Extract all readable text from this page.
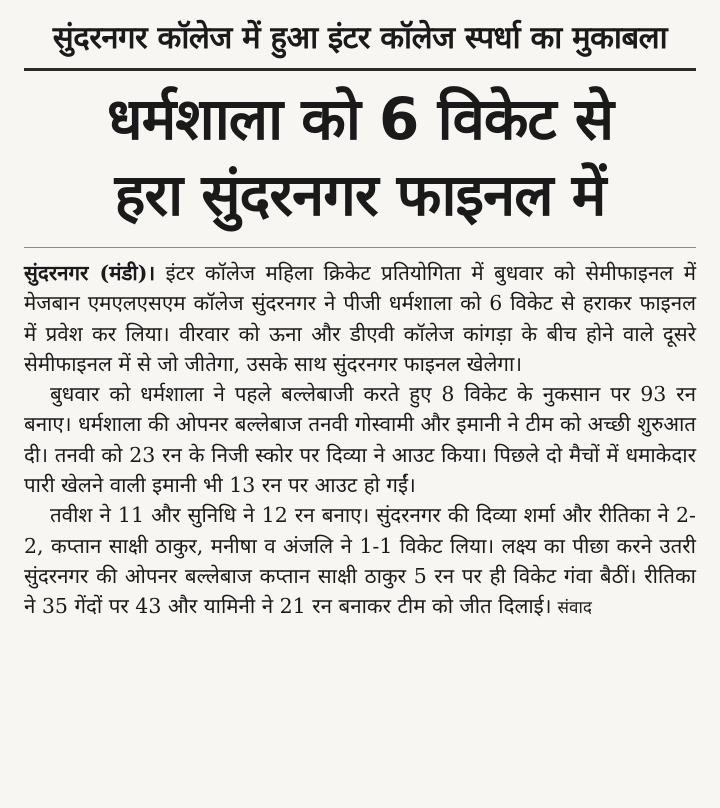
सुंदरनगर कॉलेज में हुआ इंटर कॉलेज स्पर्धा का मुकाबला
धर्मशाला को 6 विकेट से
हरा सुंदरनगर फाइनल में

सुंदरनगर (मंडी)। इंटर कॉलेज महिला क्रिकेट प्रतियोगिता में बुधवार को सेमीफाइनल में मेजबान एमएलएसएम कॉलेज सुंदरनगर ने पीजी धर्मशाला को 6 विकेट से हराकर फाइनल में प्रवेश कर लिया। वीरवार को ऊना और डीएवी कॉलेज कांगड़ा के बीच होने वाले दूसरे सेमीफाइनल में से जो जीतेगा, उसके साथ सुंदरनगर फाइनल खेलेगा।

बुधवार को धर्मशाला ने पहले बल्लेबाजी करते हुए 8 विकेट के नुकसान पर 93 रन बनाए। धर्मशाला की ओपनर बल्लेबाज तनवी गोस्वामी और इमानी ने टीम को अच्छी शुरुआत दी। तनवी को 23 रन के निजी स्कोर पर दिव्या ने आउट किया। पिछले दो मैचों में धमाकेदार पारी खेलने वाली इमानी भी 13 रन पर आउट हो गईं।

तवीश ने 11 और सुनिधि ने 12 रन बनाए। सुंदरनगर की दिव्या शर्मा और रीतिका ने 2-2, कप्तान साक्षी ठाकुर, मनीषा व अंजलि ने 1-1 विकेट लिया। लक्ष्य का पीछा करने उतरी सुंदरनगर की ओपनर बल्लेबाज कप्तान साक्षी ठाकुर 5 रन पर ही विकेट गंवा बैठीं। रीतिका ने 35 गेंदों पर 43 और यामिनी ने 21 रन बनाकर टीम को जीत दिलाई। संवाद
